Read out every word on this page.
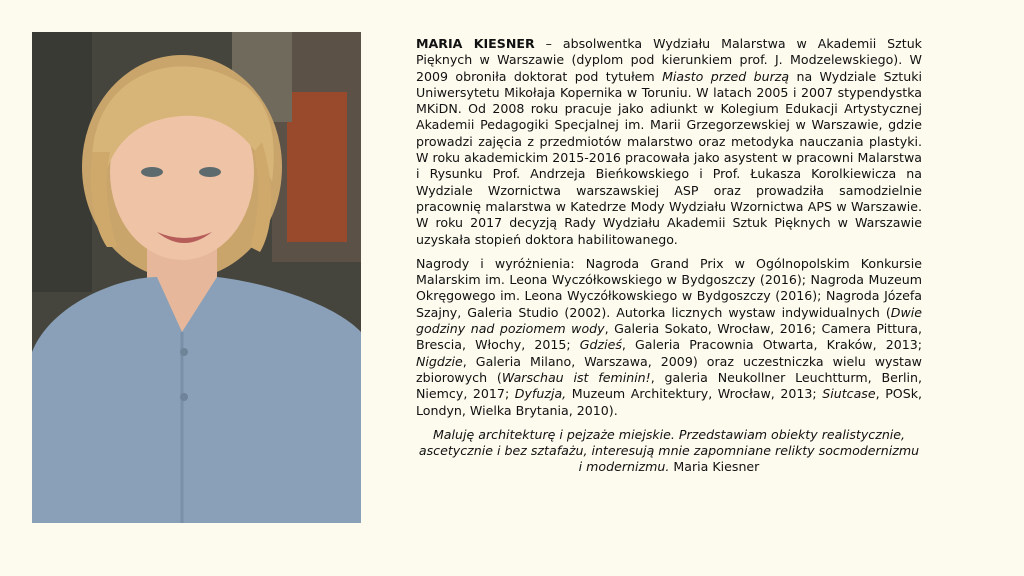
MARIA KIESNER – absolwentka Wydziału Malarstwa w Akademii Sztuk Pięknych w Warszawie (dyplom pod kierunkiem prof. J. Modzelewskiego). W 2009 obroniła doktorat pod tytułem Miasto przed burzą na Wydziale Sztuki Uniwersytetu Mikołaja Kopernika w Toruniu. W latach 2005 i 2007 stypendystka MKiDN. Od 2008 roku pracuje jako adiunkt w Kolegium Edukacji Artystycznej Akademii Pedagogiki Specjalnej im. Marii Grzegorzewskiej w Warszawie, gdzie prowadzi zajęcia z przedmiotów malarstwo oraz metodyka nauczania plastyki. W roku akademickim 2015-2016 pracowała jako asystent w pracowni Malarstwa i Rysunku Prof. Andrzeja Bieńkowskiego i Prof. Łukasza Korolkiewicza na Wydziale Wzornictwa warszawskiej ASP oraz prowadziła samodzielnie pracownię malarstwa w Katedrze Mody Wydziału Wzornictwa APS w Warszawie. W roku 2017 decyzją Rady Wydziału Akademii Sztuk Pięknych w Warszawie uzyskała stopień doktora habilitowanego.

Nagrody i wyróżnienia: Nagroda Grand Prix w Ogólnopolskim Konkursie Malarskim im. Leona Wyczółkowskiego w Bydgoszczy (2016); Nagroda Muzeum Okręgowego im. Leona Wyczółkowskiego w Bydgoszczy (2016); Nagroda Józefa Szajny, Galeria Studio (2002). Autorka licznych wystaw indywidualnych (Dwie godziny nad poziomem wody, Galeria Sokato, Wrocław, 2016; Camera Pittura, Brescia, Włochy, 2015; Gdzieś, Galeria Pracownia Otwarta, Kraków, 2013; Nigdzie, Galeria Milano, Warszawa, 2009) oraz uczestniczka wielu wystaw zbiorowych (Warschau ist feminin!, galeria Neukollner Leuchtturm, Berlin, Niemcy, 2017; Dyfuzja, Muzeum Architektury, Wrocław, 2013; Siutcase, POSk, Londyn, Wielka Brytania, 2010).

Maluję architekturę i pejzaże miejskie. Przedstawiam obiekty realistycznie, ascetycznie i bez sztafażu, interesują mnie zapomniane relikty socmodernizmu i modernizmu. Maria Kiesner
